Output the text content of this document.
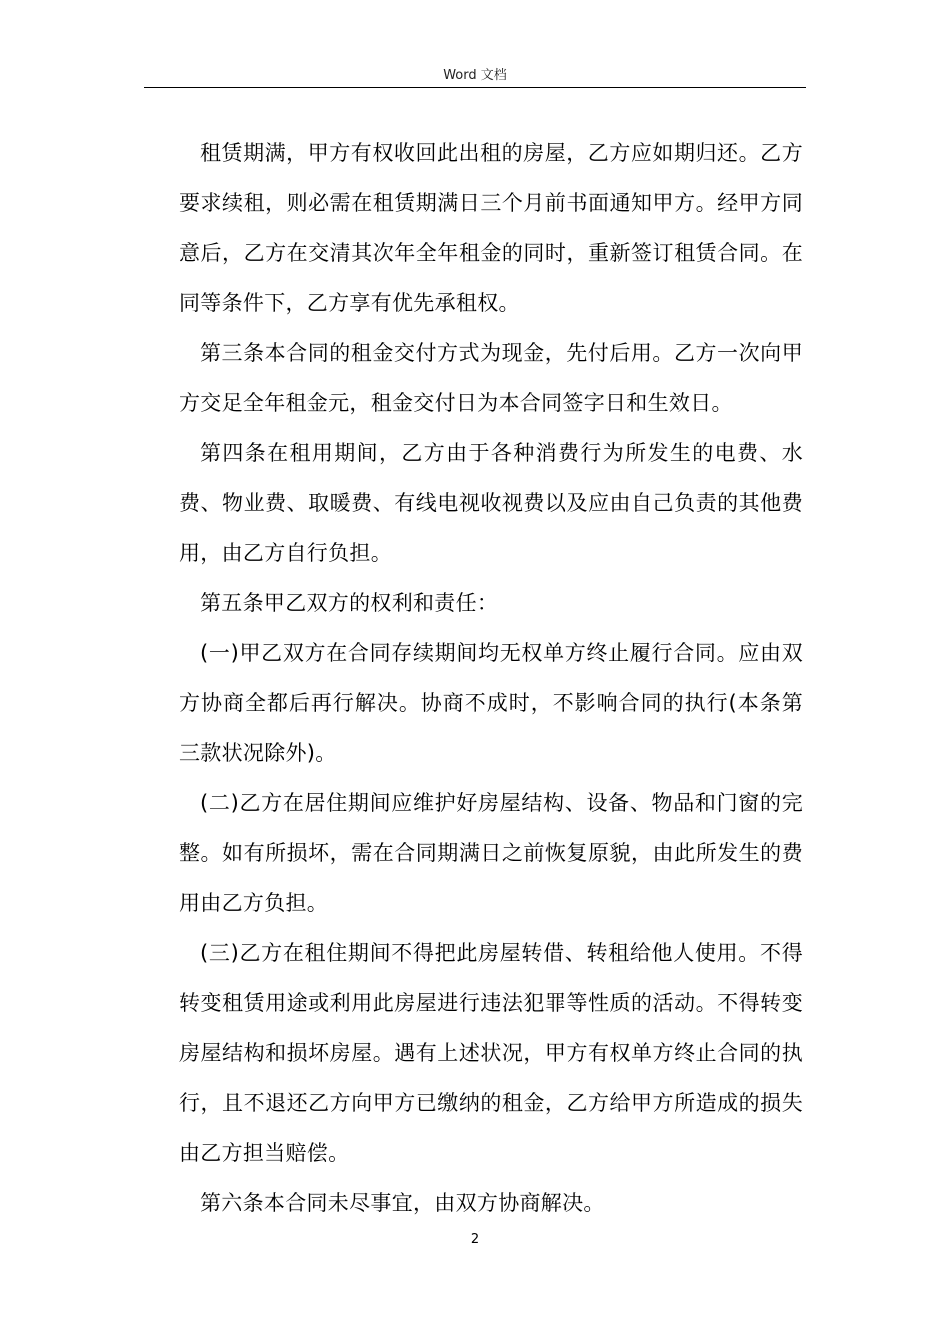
Word 文档

租赁期满，甲方有权收回此出租的房屋，乙方应如期归还。乙方要求续租，则必需在租赁期满日三个月前书面通知甲方。经甲方同意后，乙方在交清其次年全年租金的同时，重新签订租赁合同。在同等条件下，乙方享有优先承租权。

第三条本合同的租金交付方式为现金，先付后用。乙方一次向甲方交足全年租金元，租金交付日为本合同签字日和生效日。

第四条在租用期间，乙方由于各种消费行为所发生的电费、水费、物业费、取暖费、有线电视收视费以及应由自己负责的其他费用，由乙方自行负担。

第五条甲乙双方的权利和责任：

(一)甲乙双方在合同存续期间均无权单方终止履行合同。应由双方协商全都后再行解决。协商不成时，不影响合同的执行(本条第三款状况除外)。

(二)乙方在居住期间应维护好房屋结构、设备、物品和门窗的完整。如有所损坏，需在合同期满日之前恢复原貌，由此所发生的费用由乙方负担。

(三)乙方在租住期间不得把此房屋转借、转租给他人使用。不得转变租赁用途或利用此房屋进行违法犯罪等性质的活动。不得转变房屋结构和损坏房屋。遇有上述状况，甲方有权单方终止合同的执行，且不退还乙方向甲方已缴纳的租金，乙方给甲方所造成的损失由乙方担当赔偿。

第六条本合同未尽事宜，由双方协商解决。

2
